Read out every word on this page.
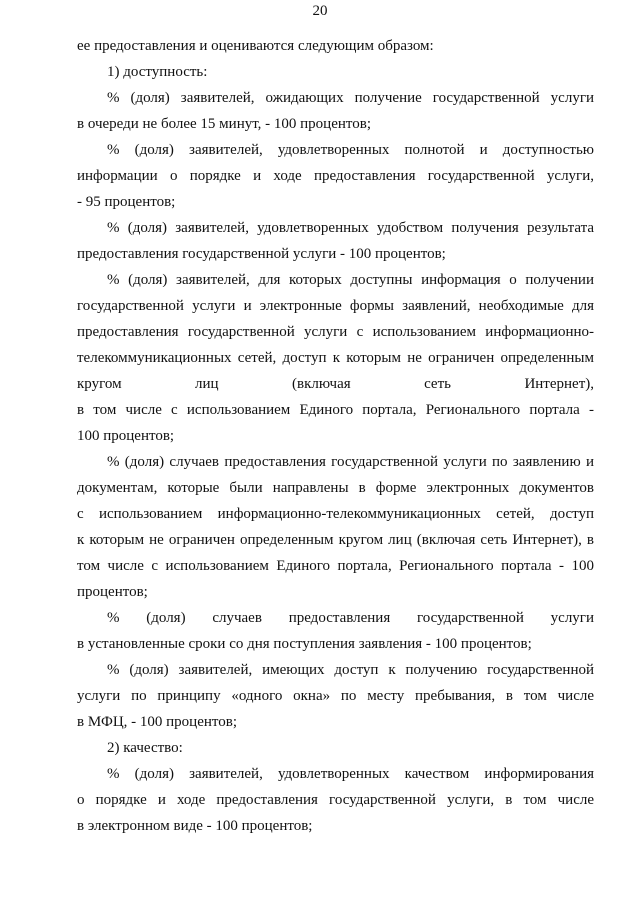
20
ее предоставления и оцениваются следующим образом:
1) доступность:
% (доля) заявителей, ожидающих получение государственной услуги
в очереди не более 15 минут, - 100 процентов;
% (доля) заявителей, удовлетворенных полнотой и доступностью
информации о порядке и ходе предоставления государственной услуги,
- 95 процентов;
% (доля) заявителей, удовлетворенных удобством получения результата
предоставления государственной услуги - 100 процентов;
% (доля) заявителей, для которых доступны информация о получении
государственной услуги и электронные формы заявлений, необходимые для
предоставления государственной услуги с использованием информационно-
телекоммуникационных сетей, доступ к которым не ограничен определенным
кругом лиц (включая сеть Интернет),
в том числе с использованием Единого портала, Регионального портала -
100 процентов;
% (доля) случаев предоставления государственной услуги по заявлению и
документам, которые были направлены в форме электронных документов
с использованием информационно-телекоммуникационных сетей, доступ
к которым не ограничен определенным кругом лиц (включая сеть Интернет), в
том числе с использованием Единого портала, Регионального портала - 100
процентов;
% (доля) случаев предоставления государственной услуги
в установленные сроки со дня поступления заявления - 100 процентов;
% (доля) заявителей, имеющих доступ к получению государственной
услуги по принципу «одного окна» по месту пребывания, в том числе
в МФЦ, - 100 процентов;
2) качество:
% (доля) заявителей, удовлетворенных качеством информирования
о порядке и ходе предоставления государственной услуги, в том числе
в электронном виде - 100 процентов;
